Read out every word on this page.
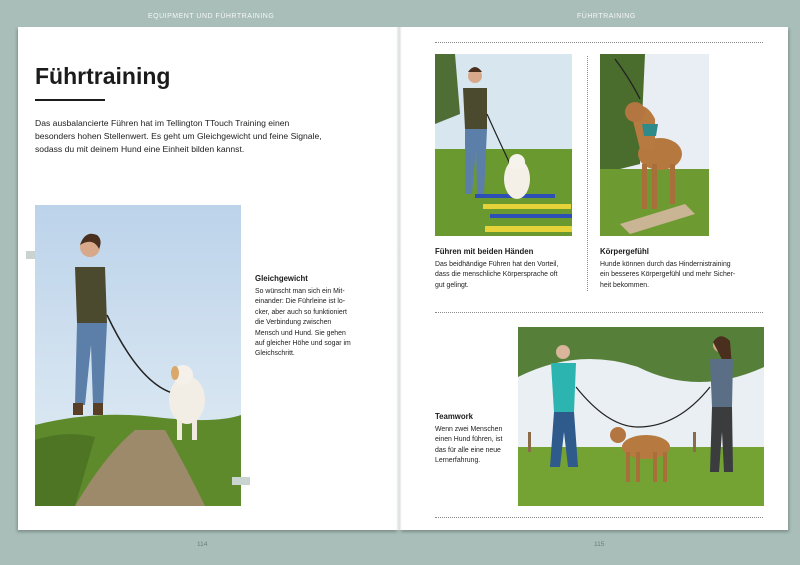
EQUIPMENT UND FÜHRTRAINING	FÜHRTRAINING
Führtraining

Das ausbalancierte Führen hat im Tellington TTouch Training einen besonders hohen Stellenwert. Es geht um Gleichgewicht und feine Signale, sodass du mit deinem Hund eine Einheit bilden kannst.

Gleichgewicht

So wünscht man sich ein Mit-
einander: Die Führleine ist lo-
cker, aber auch so funktioniert
die Verbindung zwischen
Mensch und Hund. Sie gehen
auf gleicher Höhe und sogar im
Gleichschritt.

114
Führen mit beiden Händen

Das beidhändige Führen hat den Vorteil,
dass die menschliche Körpersprache oft
gut gelingt.

Körpergefühl

Hunde können durch das Hindernistraining
ein besseres Körpergefühl und mehr Sicher-
heit bekommen.

Teamwork

Wenn zwei Menschen
einen Hund führen, ist
das für alle eine neue
Lernerfahrung.

115
